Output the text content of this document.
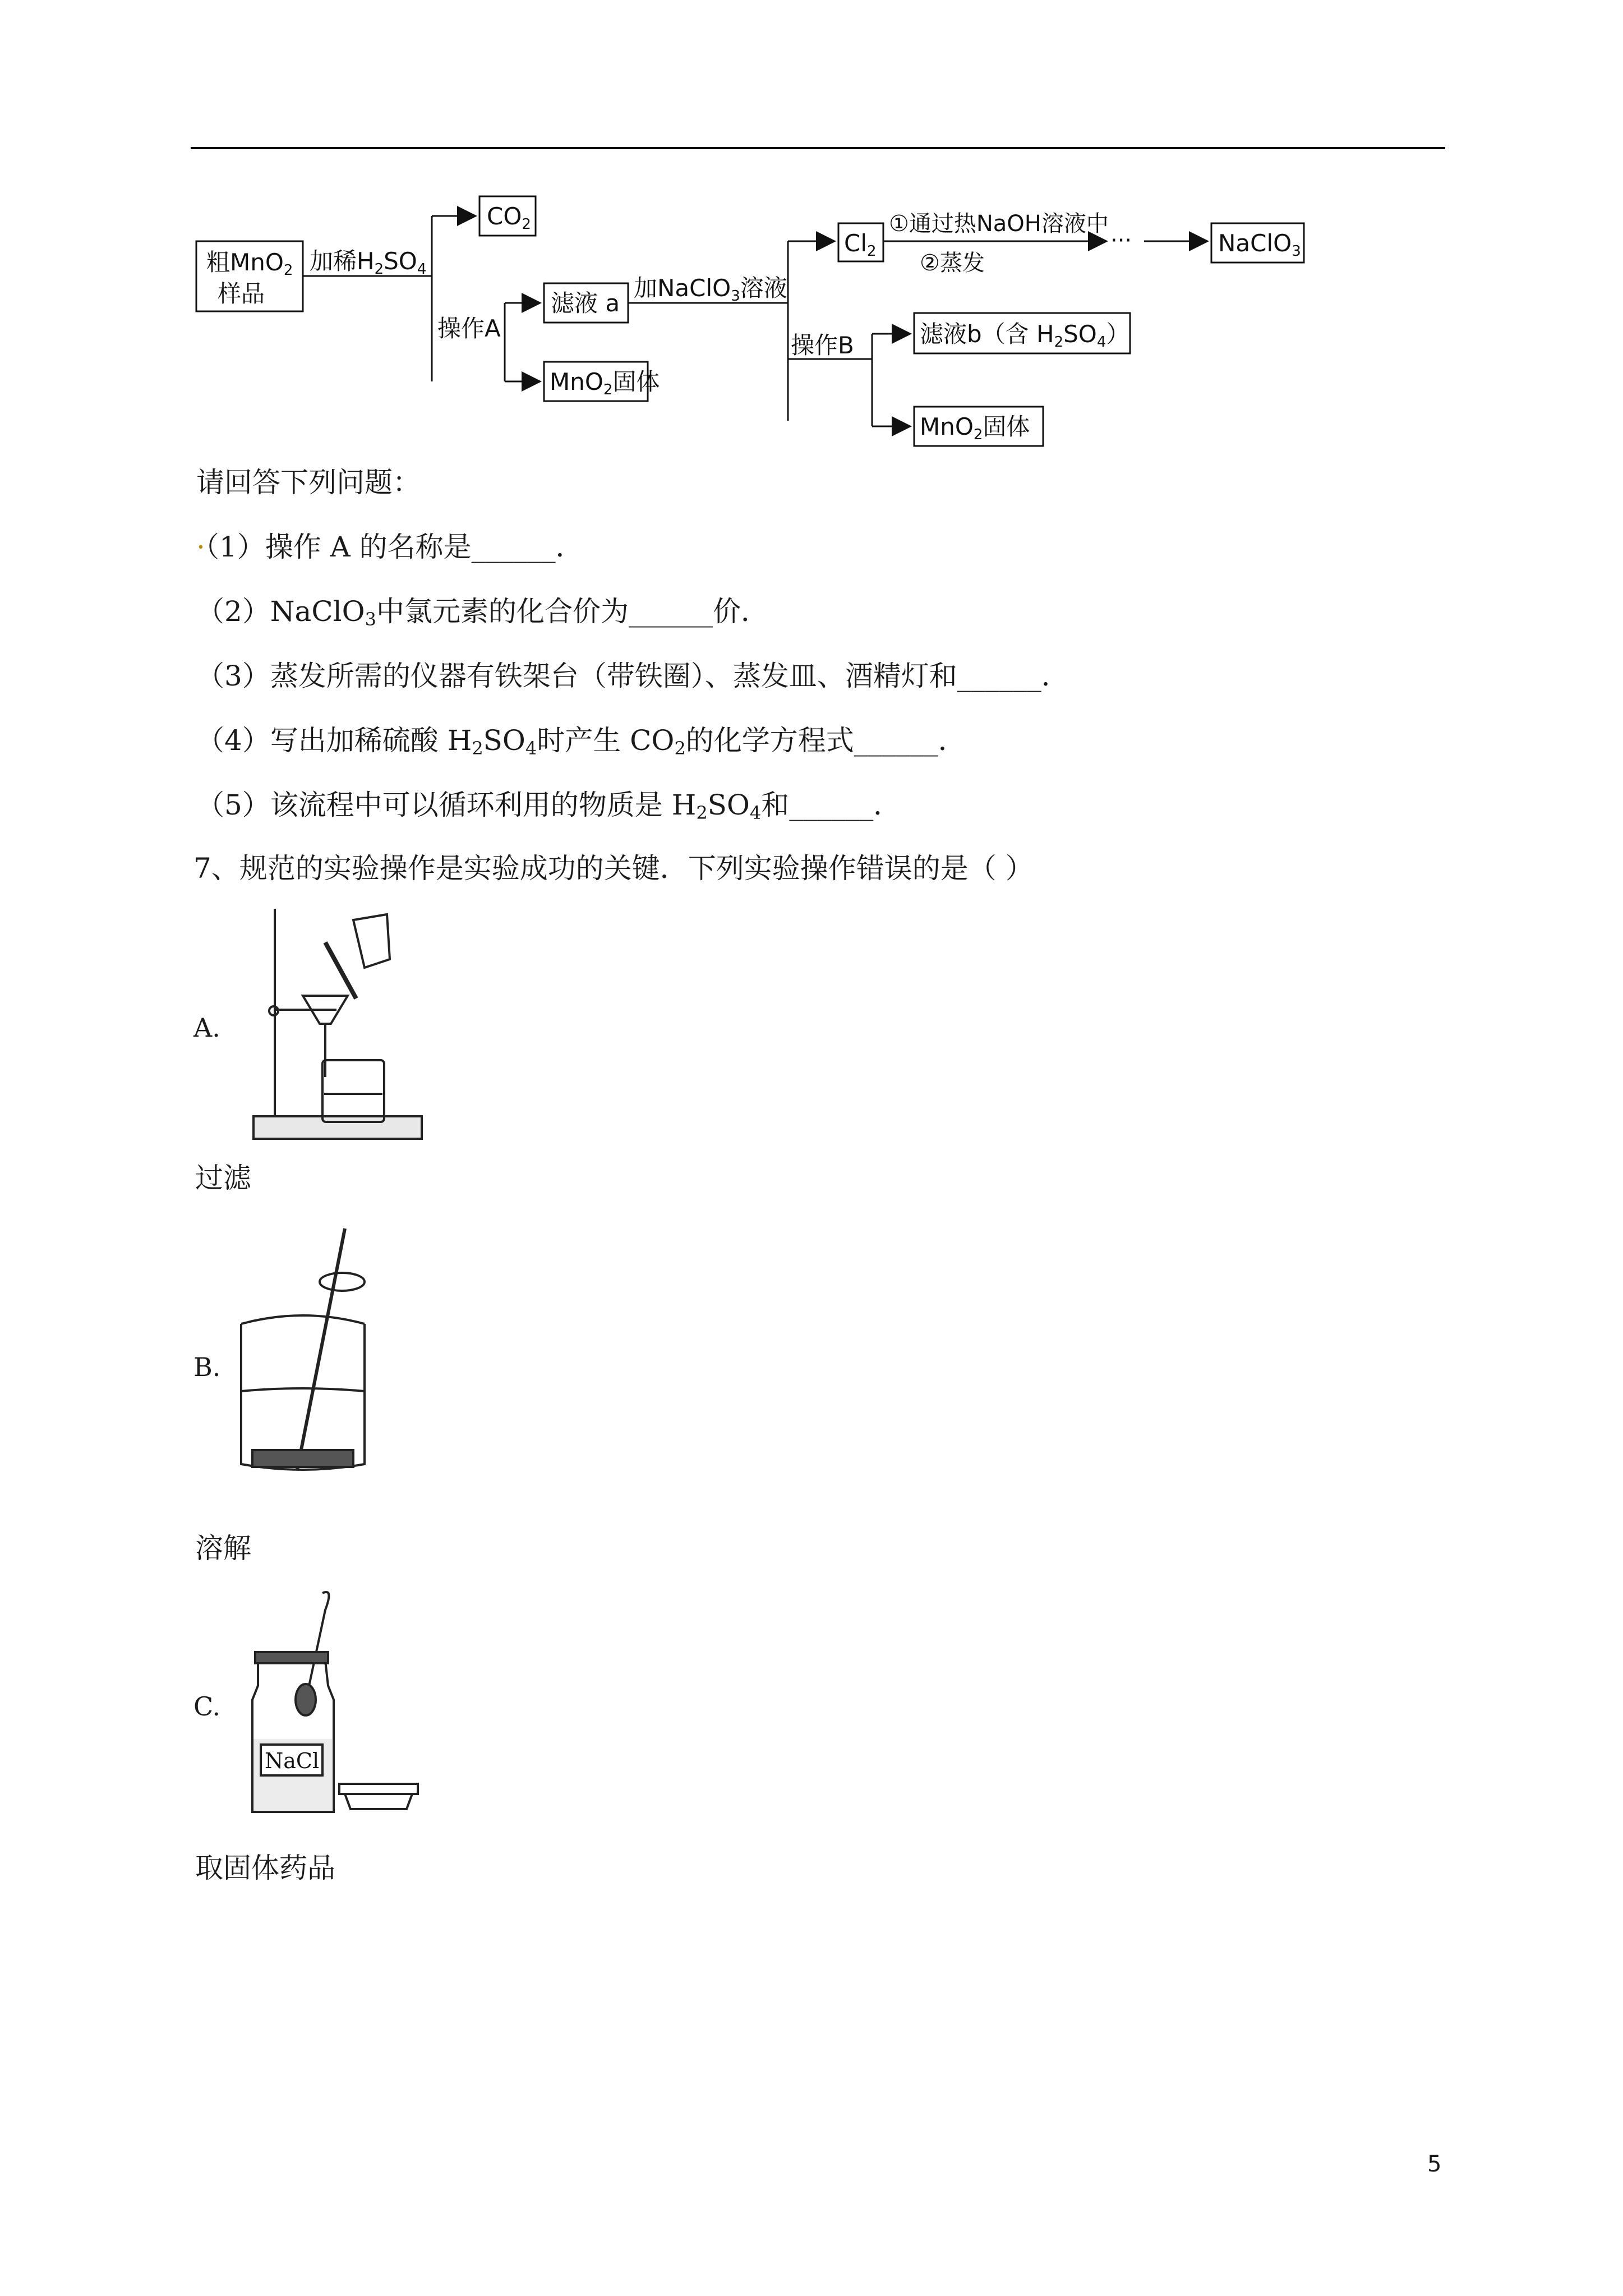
粗MnO2
样品
加稀H2SO4
CO2
操作A
滤液 a
MnO2固体
加NaClO3溶液
Cl2
①通过热NaOH溶液中
②蒸发
···	NaClO3
操作B	滤液b（含 H2SO4）
MnO2固体
请回答下列问题：
·（1）操作 A 的名称是______．
（2）NaClO$_3$中氯元素的化合价为______价．
（3）蒸发所需的仪器有铁架台（带铁圈）、蒸发皿、酒精灯和______．
（4）写出加稀硫酸 $H_2SO_4$时产生 $CO_2$的化学方程式______．
（5）该流程中可以循环利用的物质是 $H_2SO_4$和______．
7、规范的实验操作是实验成功的关键．下列实验操作错误的是（ ）
A.
过滤
B.
溶解
C.
NaCl
取固体药品
5
